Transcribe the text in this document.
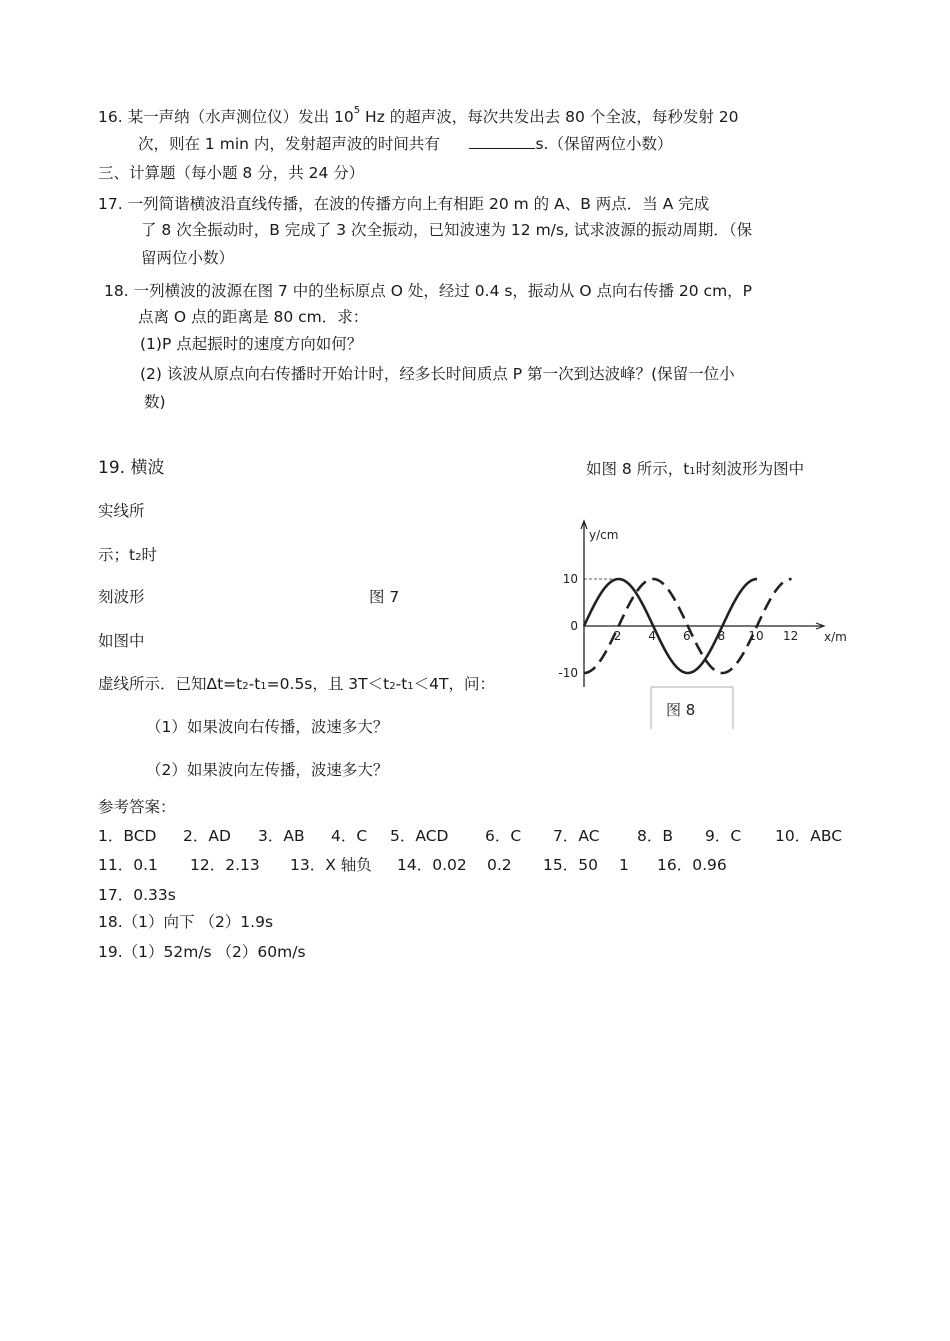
16. 某一声纳（水声测位仪）发出 $10^5$ Hz 的超声波，每次共发出去 80 个全波，每秒发射 20
次，则在 1 min 内，发射超声波的时间共有	s.（保留两位小数）
三、计算题（每小题 8 分，共 24 分）
17. 一列简谐横波沿直线传播，在波的传播方向上有相距 20 m 的 A、B 两点．当 A 完成
了 8 次全振动时，B 完成了 3 次全振动，已知波速为 12 m/s, 试求波源的振动周期．（保
留两位小数）
18. 一列横波的波源在图 7 中的坐标原点 O 处，经过 0.4 s，振动从 O 点向右传播 20 cm，P
点离 O 点的距离是 80 cm．求：
(1)P 点起振时的速度方向如何？
(2) 该波从原点向右传播时开始计时，经多长时间质点 P 第一次到达波峰？(保留一位小
数)
19. 横波	如图 8 所示，$t_1$时刻波形为图中
实线所
示；$t_2$时
刻波形	图 7
如图中
虚线所示．已知$\Delta t=t_2-t_1=0.5s$，且 $3T<t_2-t_1<4T$，问：
（1）如果波向右传播，波速多大？
（2）如果波向左传播，波速多大？
2 4 6 8 10 12
10
0
-10
y/cm
x/m
图 8
参考答案：
1．BCD 2．AD 3．AB 4．C 5．ACD 6．C 7．AC 8．B 9．C 10．ABC
11．0.1 12．2.13 13．X 轴负 14．0.02 0.2 15．50 1 16．0.96
17．0.33s
18.（1）向下 （2）1.9s
19.（1）52m/s （2）60m/s
